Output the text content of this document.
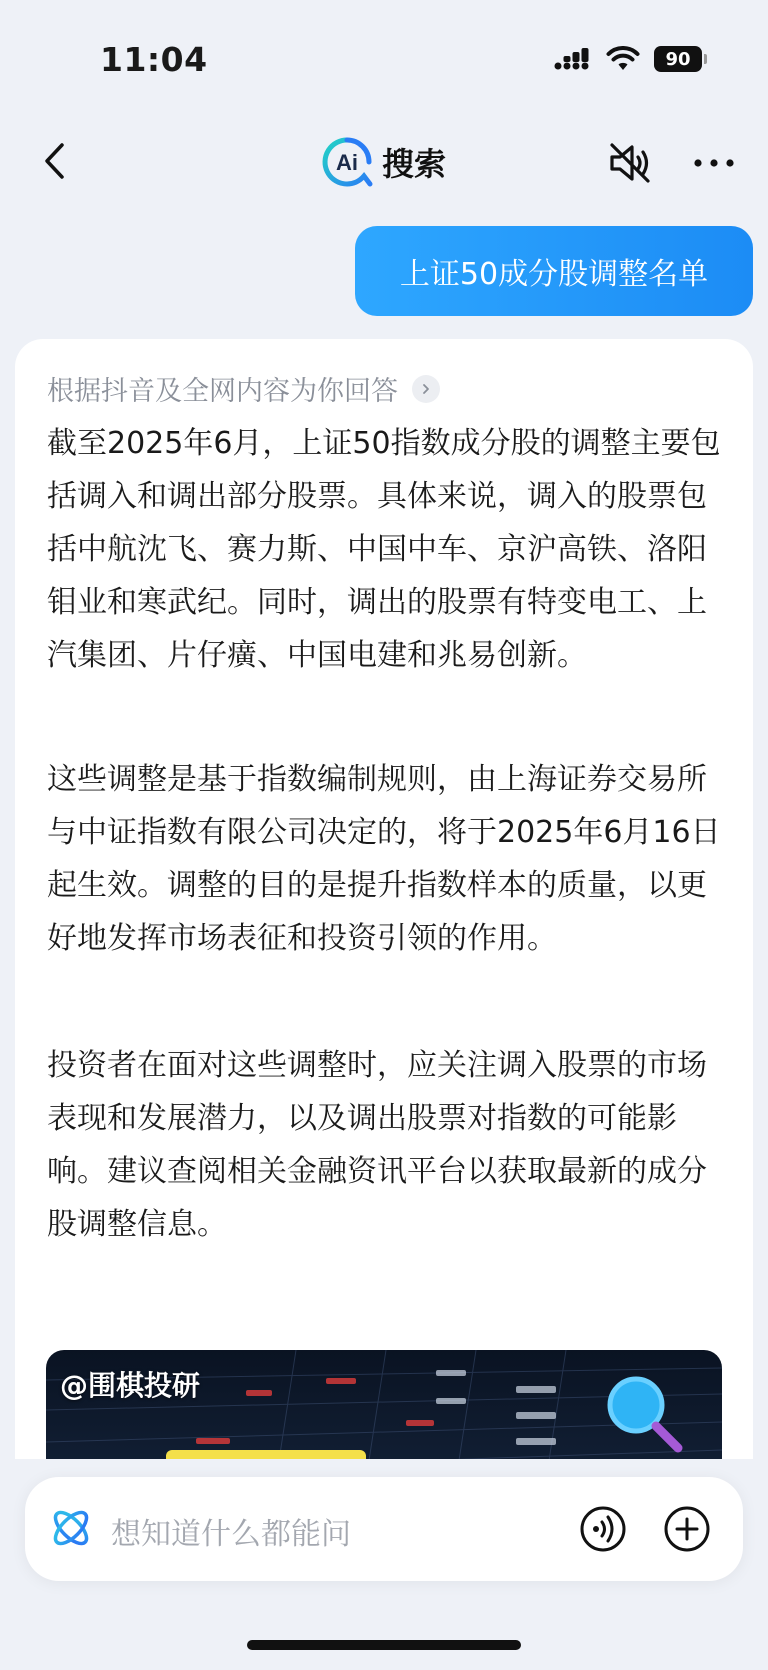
11:04	90
Ai 搜索
上证50成分股调整名单
根据抖音及全网内容为你回答

截至2025年6月，上证50指数成分股的调整主要包括调入和调出部分股票。具体来说，调入的股票包括中航沈飞、赛力斯、中国中车、京沪高铁、洛阳钼业和寒武纪。同时，调出的股票有特变电工、上汽集团、片仔癀、中国电建和兆易创新。

这些调整是基于指数编制规则，由上海证券交易所与中证指数有限公司决定的，将于2025年6月16日起生效。调整的目的是提升指数样本的质量，以更好地发挥市场表征和投资引领的作用。

投资者在面对这些调整时，应关注调入股票的市场表现和发展潜力，以及调出股票对指数的可能影响。建议查阅相关金融资讯平台以获取最新的成分股调整信息。

@围棋投研
想知道什么都能问
